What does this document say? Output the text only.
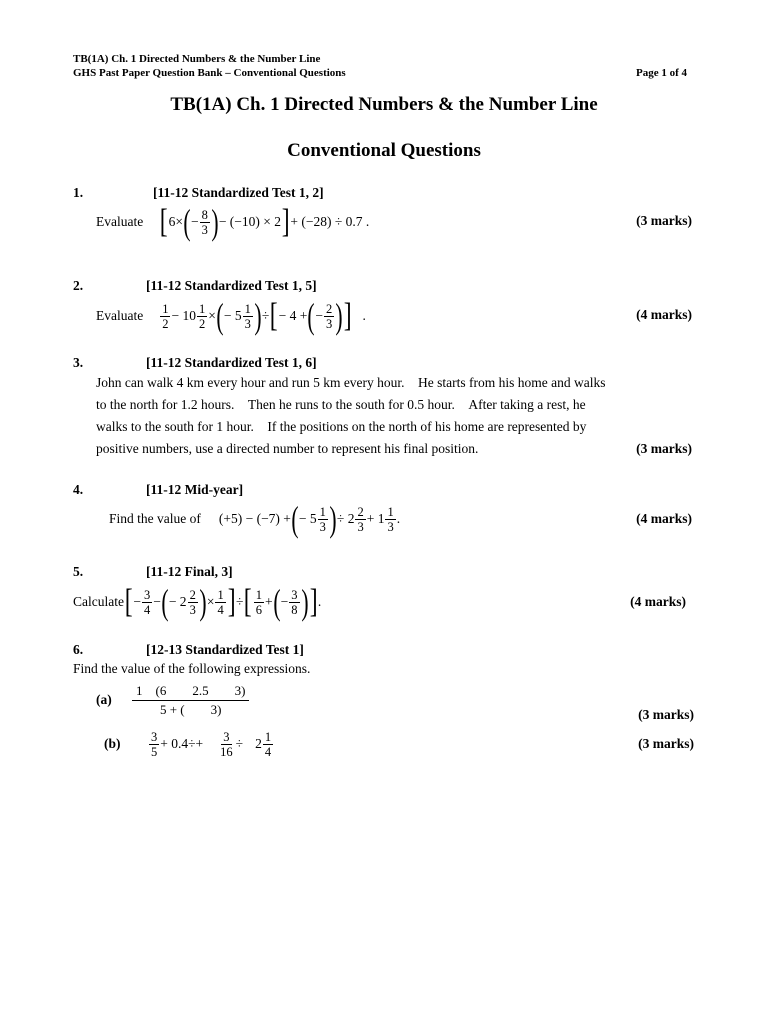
TB(1A) Ch. 1 Directed Numbers & the Number Line
GHS Past Paper Question Bank – Conventional Questions	Page 1 of 4
TB(1A) Ch. 1 Directed Numbers & the Number Line
Conventional Questions
1.	[11-12 Standardized Test 1, 2]
Evaluate [ 6× ( − $\frac{8}{3}$ ) − (−10) × 2 ] + (−28) ÷ 0.7 .	(3 marks)
2.	[11-12 Standardized Test 1, 5]
Evaluate $\frac{1}{2} - 10 \frac{1}{2}$ × ( − $5 \frac{1}{3}$ ) ÷ [ − 4 + ( − $\frac{2}{3}$ ) ] .	(4 marks)
3.	[11-12 Standardized Test 1, 6]
John can walk 4 km every hour and run 5 km every hour. He starts from his home and walks
to the north for 1.2 hours. Then he runs to the south for 0.5 hour. After taking a rest, he
walks to the south for 1 hour. If the positions on the north of his home are represented by
positive numbers, use a directed number to represent his final position.	(3 marks)
4.	[11-12 Mid-year]
Find the value of (+5) − (−7) + ( − $5 \frac{1}{3}$ ) ÷ $2 \frac{2}{3} + 1 \frac{1}{3}$ .	(4 marks)
5.	[11-12 Final, 3]
Calculate [ − $\frac{3}{4}$ − ( − $2 \frac{2}{3}$ ) × $\frac{1}{4}$ ] ÷ [ $\frac{1}{6}$ + ( − $\frac{3}{8}$ ) ] .	(4 marks)
6.	[12-13 Standardized Test 1]
Find the value of the following expressions.
$(a) \frac{1 (6 2.5 3)}{5 + ( 3)}$	(3 marks)
$(b) \frac{3}{5} + 0.4 \div+ \frac{3}{16} \div 2 \frac{1}{4}$	(3 marks)
